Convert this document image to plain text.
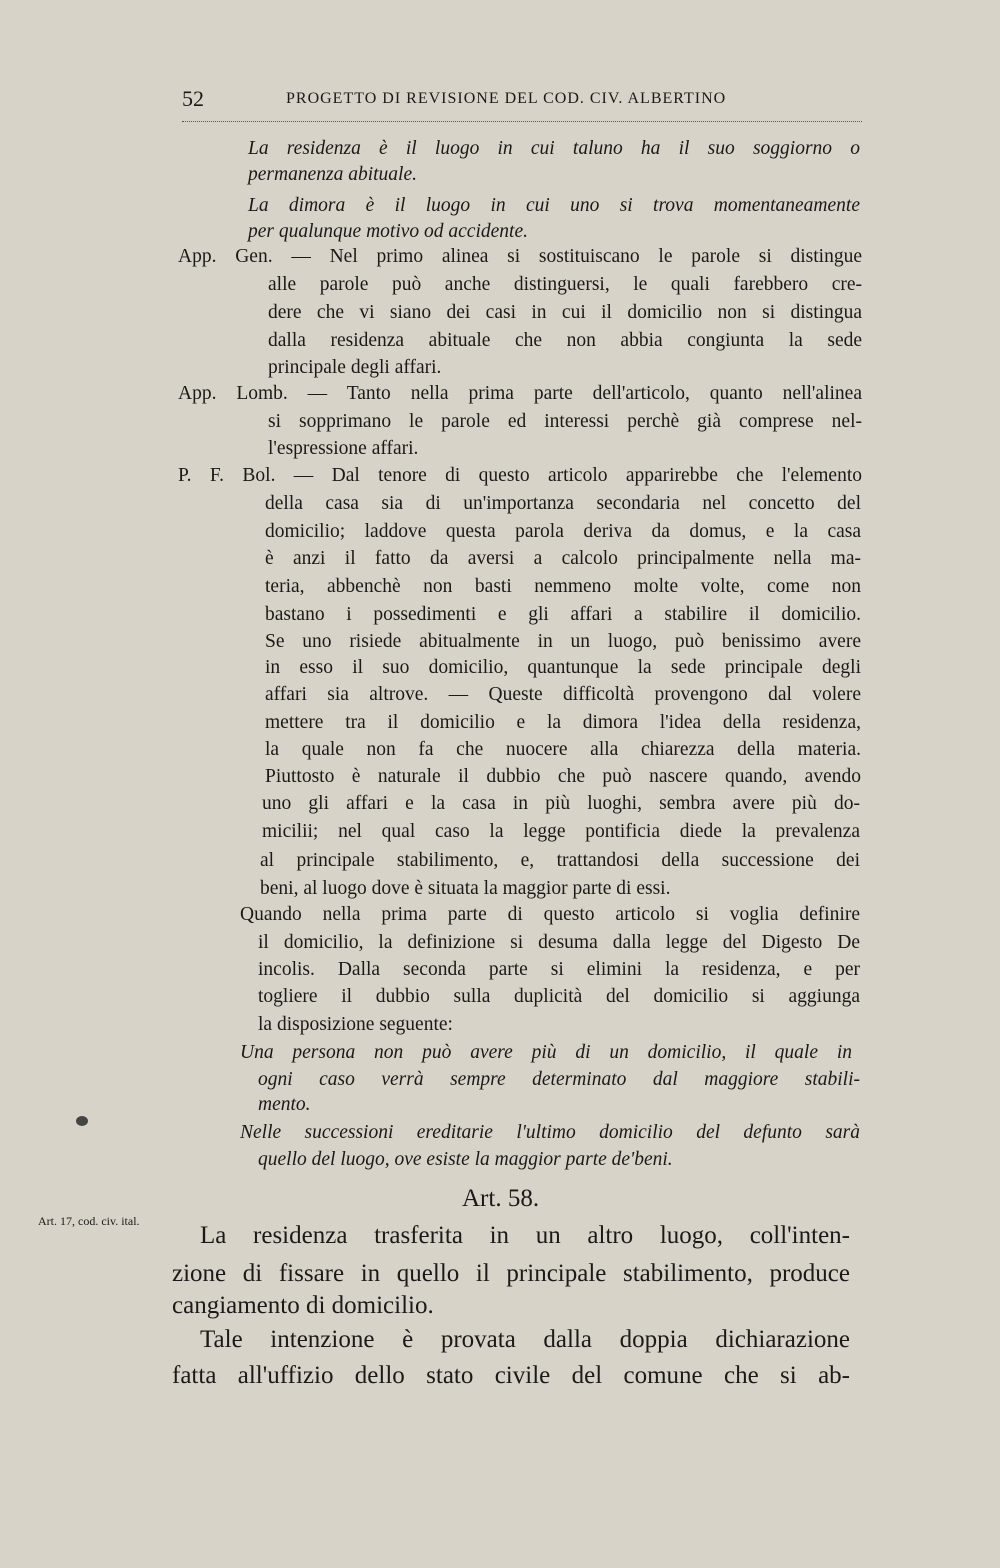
52	PROGETTO DI REVISIONE DEL COD. CIV. ALBERTINO
La residenza è il luogo in cui taluno ha il suo soggiorno o
permanenza abituale.
La dimora è il luogo in cui uno si trova momentaneamente
per qualunque motivo od accidente.
App. Gen. — Nel primo alinea si sostituiscano le parole si distingue
alle parole può anche distinguersi, le quali farebbero cre-
dere che vi siano dei casi in cui il domicilio non si distingua
dalla residenza abituale che non abbia congiunta la sede
principale degli affari.
App. Lomb. — Tanto nella prima parte dell'articolo, quanto nell'alinea
si sopprimano le parole ed interessi perchè già comprese nel-
l'espressione affari.
P. F. Bol. — Dal tenore di questo articolo apparirebbe che l'elemento
della casa sia di un'importanza secondaria nel concetto del
domicilio; laddove questa parola deriva da domus, e la casa
è anzi il fatto da aversi a calcolo principalmente nella ma-
teria, abbenchè non basti nemmeno molte volte, come non
bastano i possedimenti e gli affari a stabilire il domicilio.
Se uno risiede abitualmente in un luogo, può benissimo avere
in esso il suo domicilio, quantunque la sede principale degli
affari sia altrove. — Queste difficoltà provengono dal volere
mettere tra il domicilio e la dimora l'idea della residenza,
la quale non fa che nuocere alla chiarezza della materia.
Piuttosto è naturale il dubbio che può nascere quando, avendo
uno gli affari e la casa in più luoghi, sembra avere più do-
micilii; nel qual caso la legge pontificia diede la prevalenza
al principale stabilimento, e, trattandosi della successione dei
beni, al luogo dove è situata la maggior parte di essi.
Quando nella prima parte di questo articolo si voglia definire
il domicilio, la definizione si desuma dalla legge del Digesto De
incolis. Dalla seconda parte si elimini la residenza, e per
togliere il dubbio sulla duplicità del domicilio si aggiunga
la disposizione seguente:
Una persona non può avere più di un domicilio, il quale in
ogni caso verrà sempre determinato dal maggiore stabili-
mento.
Nelle successioni ereditarie l'ultimo domicilio del defunto sarà
quello del luogo, ove esiste la maggior parte de'beni.
Art. 17, cod. civ. ital.
Art. 58.
La residenza trasferita in un altro luogo, coll'inten-
zione di fissare in quello il principale stabilimento, produce
cangiamento di domicilio.
Tale intenzione è provata dalla doppia dichiarazione
fatta all'uffizio dello stato civile del comune che si ab-
